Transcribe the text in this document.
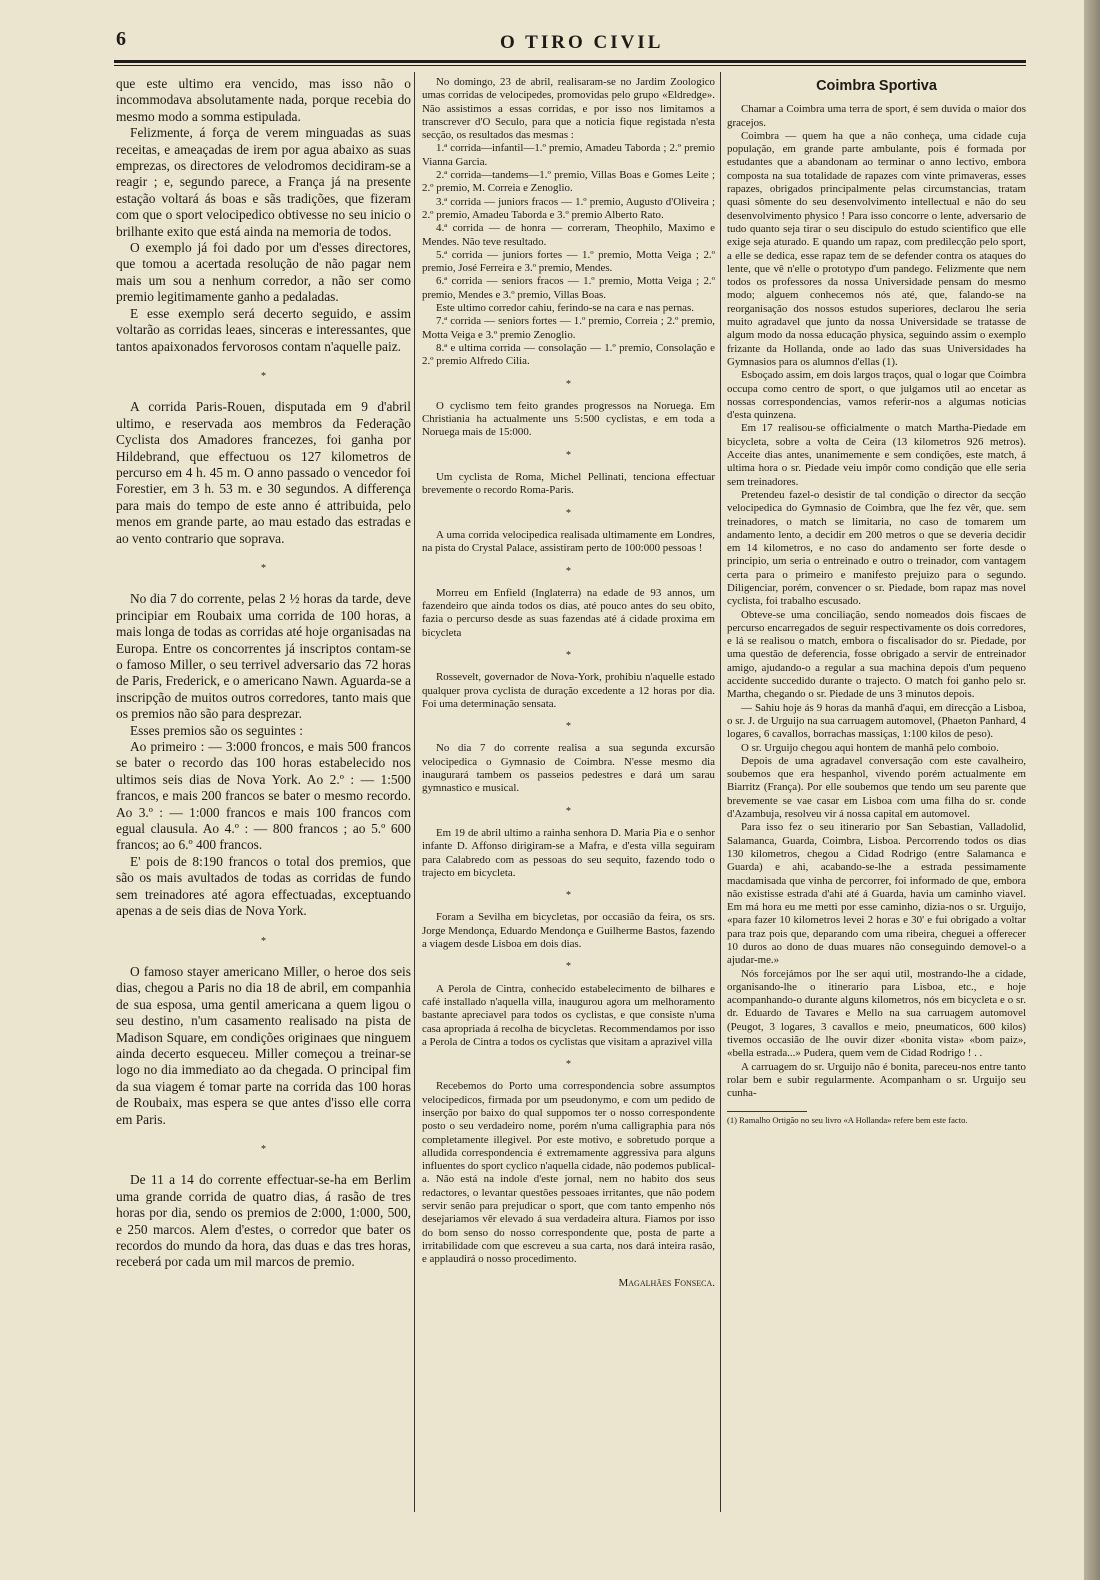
6	O TIRO CIVIL

que este ultimo era vencido, mas isso não o incommodava absolutamente nada, porque recebia do mesmo modo a somma estipulada.

Felizmente, á força de verem minguadas as suas receitas, e ameaçadas de irem por agua abaixo as suas emprezas, os directores de velodromos decidiram-se a reagir ; e, segundo parece, a França já na presente estação voltará ás boas e sãs tradições, que fizeram com que o sport velocipedico obtivesse no seu inicio o brilhante exito que está ainda na memoria de todos.

O exemplo já foi dado por um d'esses directores, que tomou a acertada resolução de não pagar nem mais um sou a nenhum corredor, a não ser como premio legitimamente ganho a pedaladas.

E esse exemplo será decerto seguido, e assim voltarão as corridas leaes, sinceras e interessantes, que tantos apaixonados fervorosos contam n'aquelle paiz.

*

A corrida Paris-Rouen, disputada em 9 d'abril ultimo, e reservada aos membros da Federação Cyclista dos Amadores francezes, foi ganha por Hildebrand, que effectuou os 127 kilometros de percurso em 4 h. 45 m. O anno passado o vencedor foi Forestier, em 3 h. 53 m. e 30 segundos. A differença para mais do tempo de este anno é attribuida, pelo menos em grande parte, ao mau estado das estradas e ao vento contrario que soprava.

*

No dia 7 do corrente, pelas 2 ½ horas da tarde, deve principiar em Roubaix uma corrida de 100 horas, a mais longa de todas as corridas até hoje organisadas na Europa. Entre os concorrentes já inscriptos contam-se o famoso Miller, o seu terrivel adversario das 72 horas de Paris, Frederick, e o americano Nawn. Aguarda-se a inscripção de muitos outros corredores, tanto mais que os premios não são para desprezar.

Esses premios são os seguintes :

Ao primeiro : — 3:000 froncos, e mais 500 francos se bater o recordo das 100 horas estabelecido nos ultimos seis dias de Nova York. Ao 2.º : — 1:500 francos, e mais 200 francos se bater o mesmo recordo. Ao 3.º : — 1:000 francos e mais 100 francos com egual clausula. Ao 4.º : — 800 francos ; ao 5.º 600 francos; ao 6.º 400 francos.

E' pois de 8:190 francos o total dos premios, que são os mais avultados de todas as corridas de fundo sem treinadores até agora effectuadas, exceptuando apenas a de seis dias de Nova York.

*

O famoso stayer americano Miller, o heroe dos seis dias, chegou a Paris no dia 18 de abril, em companhia de sua esposa, uma gentil americana a quem ligou o seu destino, n'um casamento realisado na pista de Madison Square, em condições originaes que ninguem ainda decerto esqueceu. Miller começou a treinar-se logo no dia immediato ao da chegada. O principal fim da sua viagem é tomar parte na corrida das 100 horas de Roubaix, mas espera se que antes d'isso elle corra em Paris.

*

De 11 a 14 do corrente effectuar-se-ha em Berlim uma grande corrida de quatro dias, á rasão de tres horas por dia, sendo os premios de 2:000, 1:000, 500, e 250 marcos. Alem d'estes, o corredor que bater os recordos do mundo da hora, das duas e das tres horas, receberá por cada um mil marcos de premio.

No domingo, 23 de abril, realisaram-se no Jardim Zoologico umas corridas de velocipedes, promovidas pelo grupo «Eldredge». Não assistimos a essas corridas, e por isso nos limitamos a transcrever d'O Seculo, para que a noticia fique registada n'esta secção, os resultados das mesmas :

1.ª corrida—infantil—1.º premio, Amadeu Taborda ; 2.º premio Vianna Garcia.

2.ª corrida—tandems—1.º premio, Villas Boas e Gomes Leite ; 2.º premio, M. Correia e Zenoglio.

3.ª corrida — juniors fracos — 1.º premio, Augusto d'Oliveira ; 2.º premio, Amadeu Taborda e 3.º premio Alberto Rato.

4.ª corrida — de honra — correram, Theophilo, Maximo e Mendes. Não teve resultado.

5.ª corrida — juniors fortes — 1.º premio, Motta Veiga ; 2.º premio, José Ferreira e 3.º premio, Mendes.

6.ª corrida — seniors fracos — 1.º premio, Motta Veiga ; 2.º premio, Mendes e 3.º premio, Villas Boas.

Este ultimo corredor cahiu, ferindo-se na cara e nas pernas.

7.ª corrida — seniors fortes — 1.º premio, Correia ; 2.º premio, Motta Veiga e 3.º premio Zenoglio.

8.ª e ultima corrida — consolação — 1.º premio, Consolação e 2.º premio Alfredo Cilia.

*

O cyclismo tem feito grandes progressos na Noruega. Em Christiania ha actualmente uns 5:500 cyclistas, e em toda a Noruega mais de 15:000.

*

Um cyclista de Roma, Michel Pellinati, tenciona effectuar brevemente o recordo Roma-Paris.

*

A uma corrida velocipedica realisada ultimamente em Londres, na pista do Crystal Palace, assistiram perto de 100:000 pessoas !

*

Morreu em Enfield (Inglaterra) na edade de 93 annos, um fazendeiro que ainda todos os dias, até pouco antes do seu obito, fazia o percurso desde as suas fazendas até á cidade proxima em bicycleta

*

Rossevelt, governador de Nova-York, prohibiu n'aquelle estado qualquer prova cyclista de duração excedente a 12 horas por dia. Foi uma determinação sensata.

*

No dia 7 do corrente realisa a sua segunda excursão velocipedica o Gymnasio de Coimbra. N'esse mesmo dia inaugurará tambem os passeios pedestres e dará um sarau gymnastico e musical.

*

Em 19 de abril ultimo a rainha senhora D. Maria Pia e o senhor infante D. Affonso dirigiram-se a Mafra, e d'esta villa seguiram para Calabredo com as pessoas do seu sequito, fazendo todo o trajecto em bicycleta.

*

Foram a Sevilha em bicycletas, por occasião da feira, os srs. Jorge Mendonça, Eduardo Mendonça e Guilherme Bastos, fazendo a viagem desde Lisboa em dois dias.

*

A Perola de Cintra, conhecido estabelecimento de bilhares e café installado n'aquella villa, inaugurou agora um melhoramento bastante apreciavel para todos os cyclistas, e que consiste n'uma casa apropriada á recolha de bicycletas. Recommendamos por isso a Perola de Cintra a todos os cyclistas que visitam a aprazivel villa

*

Recebemos do Porto uma correspondencia sobre assumptos velocipedicos, firmada por um pseudonymo, e com um pedido de inserção por baixo do qual suppomos ter o nosso correspondente posto o seu verdadeiro nome, porém n'uma calligraphia para nós completamente illegivel. Por este motivo, e sobretudo porque a alludida correspondencia é extremamente aggressiva para alguns influentes do sport cyclico n'aquella cidade, não podemos publical-a. Não está na indole d'este jornal, nem no habito dos seus redactores, o levantar questões pessoaes irritantes, que não podem servir senão para prejudicar o sport, que com tanto empenho nós desejariamos vêr elevado á sua verdadeira altura. Fiamos por isso do bom senso do nosso correspondente que, posta de parte a irritabilidade com que escreveu a sua carta, nos dará inteira rasão, e applaudirá o nosso procedimento.

Magalhães Fonseca.
Coimbra Sportiva

Chamar a Coimbra uma terra de sport, é sem duvida o maior dos gracejos.

Coimbra — quem ha que a não conheça, uma cidade cuja população, em grande parte ambulante, pois é formada por estudantes que a abandonam ao terminar o anno lectivo, embora composta na sua totalidade de rapazes com vinte primaveras, esses rapazes, obrigados principalmente pelas circumstancias, tratam quasi sômente do seu desenvolvimento intellectual e não do seu desenvolvimento physico ! Para isso concorre o lente, adversario de tudo quanto seja tirar o seu discipulo do estudo scientifico que elle exige seja aturado. E quando um rapaz, com predilecção pelo sport, a elle se dedica, esse rapaz tem de se defender contra os ataques do lente, que vê n'elle o prototypo d'um pandego. Felizmente que nem todos os professores da nossa Universidade pensam do mesmo modo; alguem conhecemos nós até, que, falando-se na reorganisação dos nossos estudos superiores, declarou lhe seria muito agradavel que junto da nossa Universidade se tratasse de algum modo da nossa educação physica, seguindo assim o exemplo frizante da Hollanda, onde ao lado das suas Universidades ha Gymnasios para os alumnos d'ellas (1).

Esboçado assim, em dois largos traços, qual o logar que Coimbra occupa como centro de sport, o que julgamos util ao encetar as nossas correspondencias, vamos referir-nos a algumas noticias d'esta quinzena.

Em 17 realisou-se officialmente o match Martha-Piedade em bicycleta, sobre a volta de Ceira (13 kilometros 926 metros). Acceite dias antes, unanimemente e sem condições, este match, á ultima hora o sr. Piedade veiu impôr como condição que elle seria sem treinadores.

Pretendeu fazel-o desistir de tal condição o director da secção velocipedica do Gymnasio de Coimbra, que lhe fez vêr, que. sem treinadores, o match se limitaria, no caso de tomarem um andamento lento, a decidir em 200 metros o que se deveria decidir em 14 kilometros, e no caso do andamento ser forte desde o principio, um seria o entreinado e outro o treinador, com vantagem certa para o primeiro e manifesto prejuizo para o segundo. Diligenciar, porém, convencer o sr. Piedade, bom rapaz mas novel cyclista, foi trabalho escusado.

Obteve-se uma conciliação, sendo nomeados dois fiscaes de percurso encarregados de seguir respectivamente os dois corredores, e lá se realisou o match, embora o fiscalisador do sr. Piedade, por uma questão de deferencia, fosse obrigado a servir de entreinador amigo, ajudando-o a regular a sua machina depois d'um pequeno accidente succedido durante o trajecto. O match foi ganho pelo sr. Martha, chegando o sr. Piedade de uns 3 minutos depois.

— Sahiu hoje ás 9 horas da manhã d'aqui, em direcção a Lisboa, o sr. J. de Urguijo na sua carruagem automovel, (Phaeton Panhard, 4 logares, 6 cavallos, borrachas massiças, 1:100 kilos de peso).

O sr. Urguijo chegou aqui hontem de manhã pelo comboio.

Depois de uma agradavel conversação com este cavalheiro, soubemos que era hespanhol, vivendo porém actualmente em Biarritz (França). Por elle soubemos que tendo um seu parente que brevemente se vae casar em Lisboa com uma filha do sr. conde d'Azambuja, resolveu vir á nossa capital em automovel.

Para isso fez o seu itinerario por San Sebastian, Valladolid, Salamanca, Guarda, Coimbra, Lisboa. Percorrendo todos os dias 130 kilometros, chegou a Cidad Rodrigo (entre Salamanca e Guarda) e ahi, acabando-se-lhe a estrada pessimamente macdamisada que vinha de percorrer, foi informado de que, embora não existisse estrada d'ahi até á Guarda, havia um caminho viavel. Em má hora eu me metti por esse caminho, dizia-nos o sr. Urguijo, «para fazer 10 kilometros levei 2 horas e 30' e fui obrigado a voltar para traz pois que, deparando com uma ribeira, cheguei a offerecer 10 duros ao dono de duas muares não conseguindo demovel-o a ajudar-me.»

Nós forcejámos por lhe ser aqui util, mostrando-lhe a cidade, organisando-lhe o itinerario para Lisboa, etc., e hoje acompanhando-o durante alguns kilometros, nós em bicycleta e o sr. dr. Eduardo de Tavares e Mello na sua carruagem automovel (Peugot, 3 logares, 3 cavallos e meio, pneumaticos, 600 kilos) tivemos occasião de lhe ouvir dizer «bonita vista» «bom paiz», «bella estrada...» Pudera, quem vem de Cidad Rodrigo ! . .

A carruagem do sr. Urguijo não é bonita, pareceu-nos entre tanto rolar bem e subir regularmente. Acompanham o sr. Urguijo seu cunha-

(1) Ramalho Ortigão no seu livro «A Hollanda» refere bem este facto.
